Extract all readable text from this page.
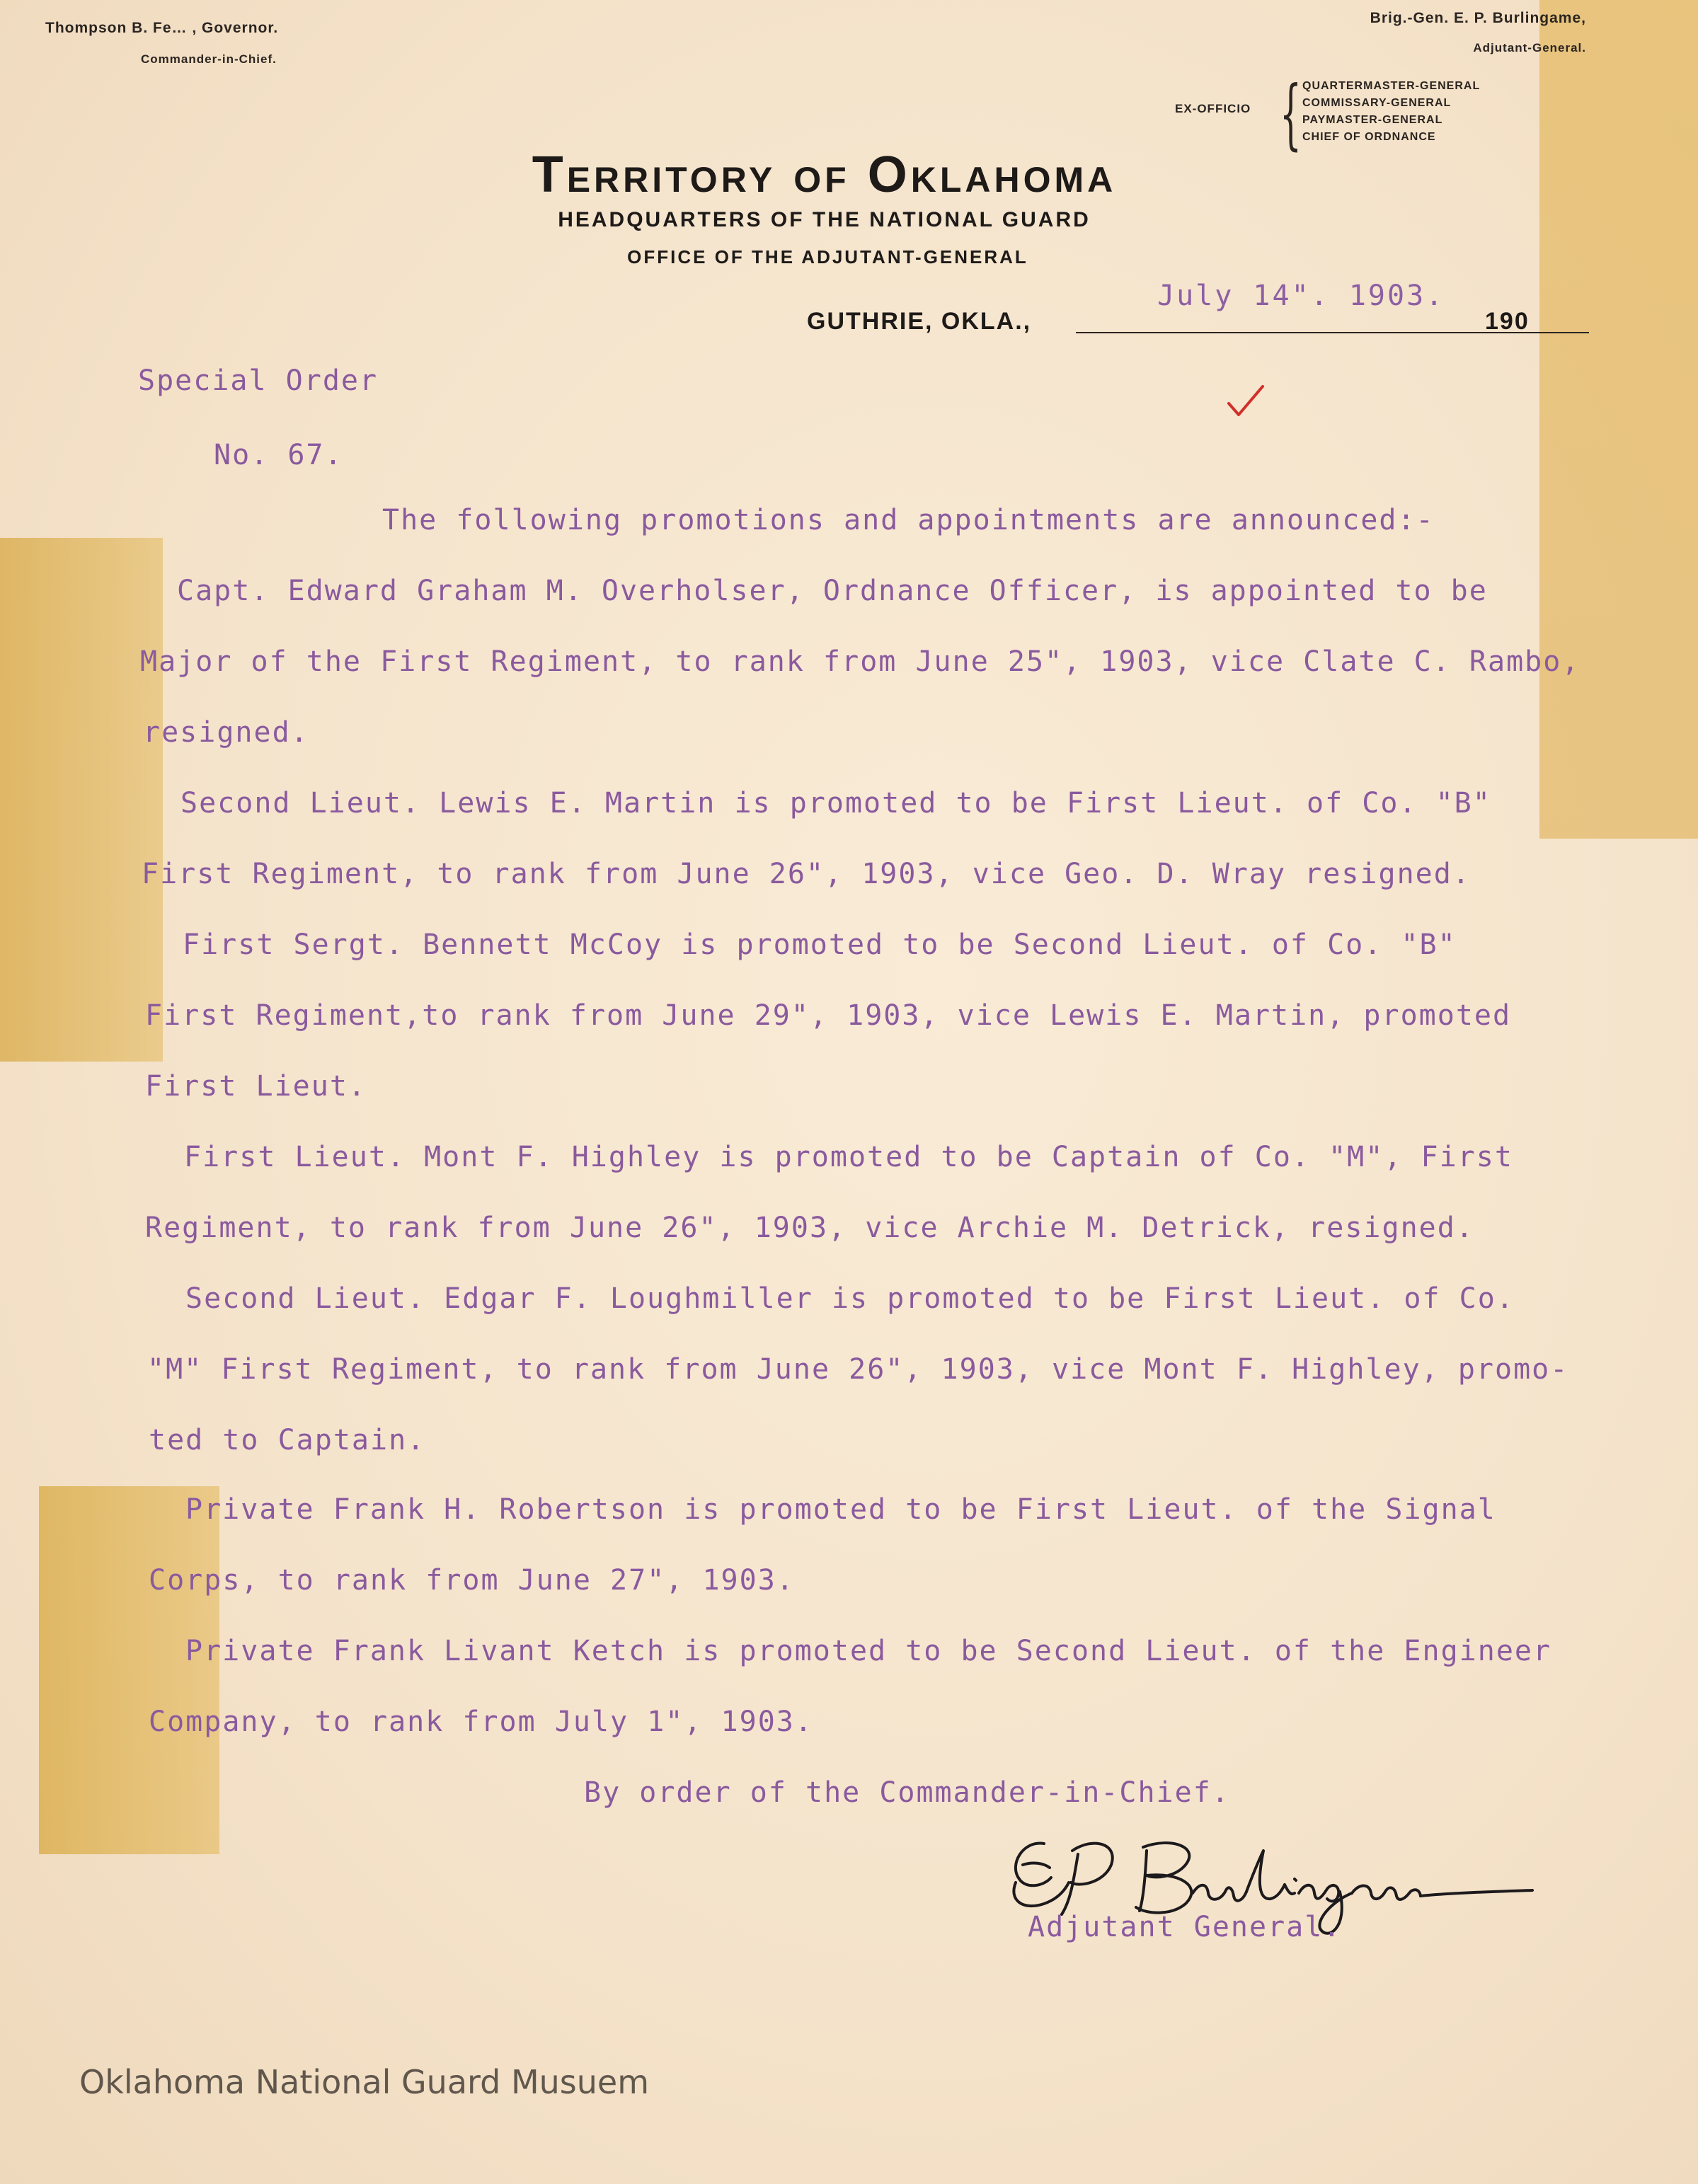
Thompson B. Fe… , Governor.
Commander-in-Chief.
Brig.-Gen. E. P. Burlingame,
Adjutant-General.
EX-OFFICIO { QUARTERMASTER-GENERAL
COMMISSARY-GENERAL
PAYMASTER-GENERAL
CHIEF OF ORDNANCE
Territory of Oklahoma
HEADQUARTERS OF THE NATIONAL GUARD
OFFICE OF THE ADJUTANT-GENERAL
July 14". 1903.
GUTHRIE, OKLA.,	190
Special Order
No. 67.
The following promotions and appointments are announced:-
Capt. Edward Graham M. Overholser, Ordnance Officer, is appointed to be
Major of the First Regiment, to rank from June 25", 1903, vice Clate C. Rambo,
resigned.
Second Lieut. Lewis E. Martin is promoted to be First Lieut. of Co. "B"
First Regiment, to rank from June 26", 1903, vice Geo. D. Wray resigned.
First Sergt. Bennett McCoy is promoted to be Second Lieut. of Co. "B"
First Regiment,to rank from June 29", 1903, vice Lewis E. Martin, promoted
First Lieut.
First Lieut. Mont F. Highley is promoted to be Captain of Co. "M", First
Regiment, to rank from June 26", 1903, vice Archie M. Detrick, resigned.
Second Lieut. Edgar F. Loughmiller is promoted to be First Lieut. of Co.
"M" First Regiment, to rank from June 26", 1903, vice Mont F. Highley, promo-
ted to Captain.
Private Frank H. Robertson is promoted to be First Lieut. of the Signal
Corps, to rank from June 27", 1903.
Private Frank Livant Ketch is promoted to be Second Lieut. of the Engineer
Company, to rank from July 1", 1903.
By order of the Commander-in-Chief.
Adjutant General.
Oklahoma National Guard Musuem
